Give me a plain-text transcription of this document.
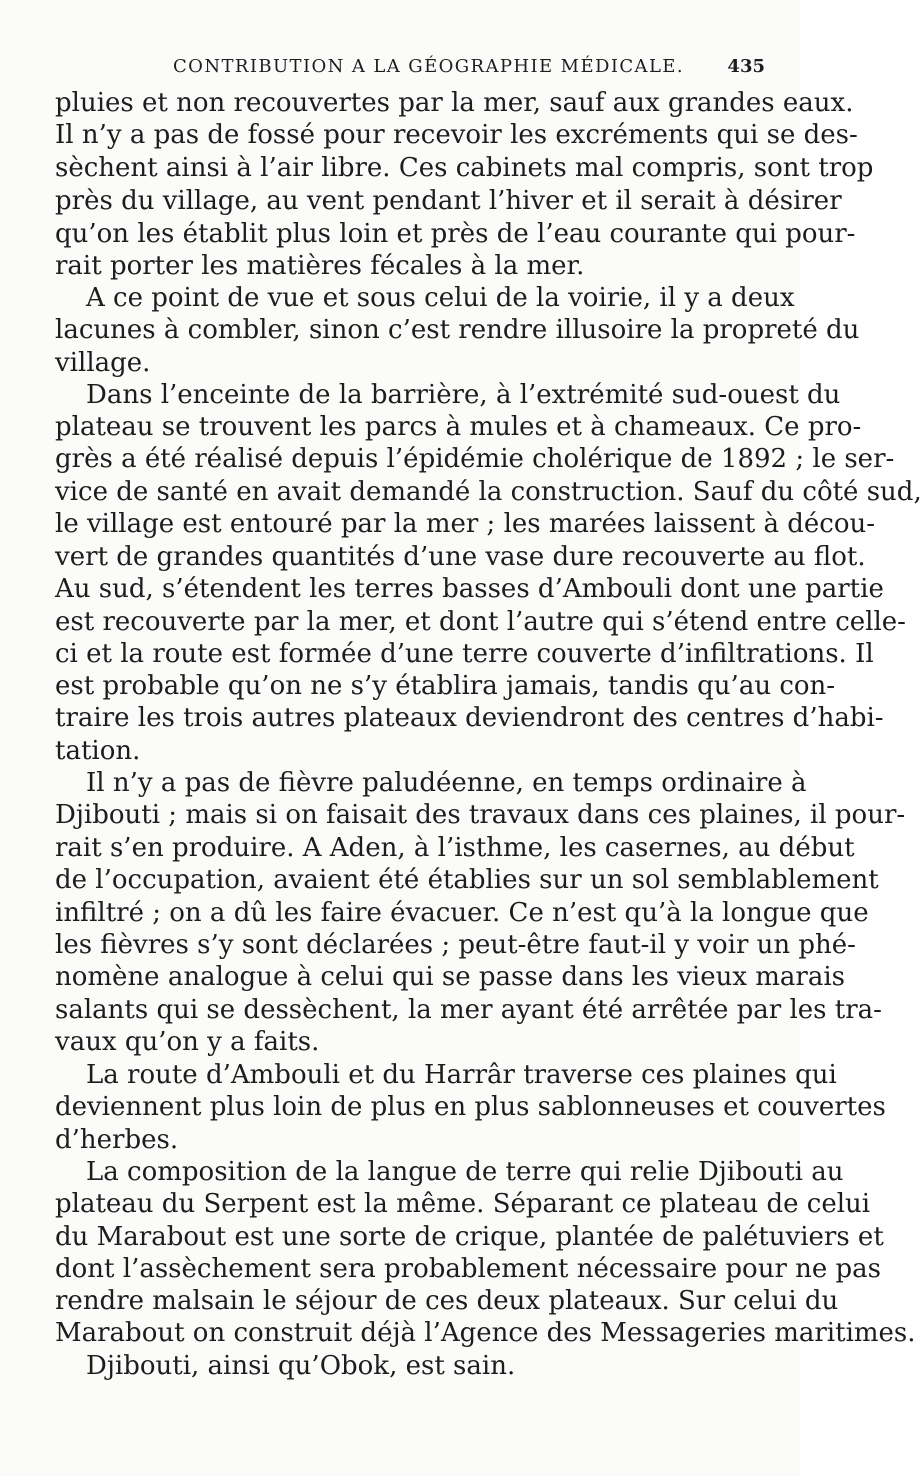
CONTRIBUTION A LA GÉOGRAPHIE MÉDICALE. 435
pluies et non recouvertes par la mer, sauf aux grandes eaux.
Il n’y a pas de fossé pour recevoir les excréments qui se des-
sèchent ainsi à l’air libre. Ces cabinets mal compris, sont trop
près du village, au vent pendant l’hiver et il serait à désirer
qu’on les établit plus loin et près de l’eau courante qui pour-
rait porter les matières fécales à la mer.
A ce point de vue et sous celui de la voirie, il y a deux
lacunes à combler, sinon c’est rendre illusoire la propreté du
village.
Dans l’enceinte de la barrière, à l’extrémité sud-ouest du
plateau se trouvent les parcs à mules et à chameaux. Ce pro-
grès a été réalisé depuis l’épidémie cholérique de 1892 ; le ser-
vice de santé en avait demandé la construction. Sauf du côté sud,
le village est entouré par la mer ; les marées laissent à décou-
vert de grandes quantités d’une vase dure recouverte au flot.
Au sud, s’étendent les terres basses d’Ambouli dont une partie
est recouverte par la mer, et dont l’autre qui s’étend entre celle-
ci et la route est formée d’une terre couverte d’infiltrations. Il
est probable qu’on ne s’y établira jamais, tandis qu’au con-
traire les trois autres plateaux deviendront des centres d’habi-
tation.
Il n’y a pas de fièvre paludéenne, en temps ordinaire à
Djibouti ; mais si on faisait des travaux dans ces plaines, il pour-
rait s’en produire. A Aden, à l’isthme, les casernes, au début
de l’occupation, avaient été établies sur un sol semblablement
infiltré ; on a dû les faire évacuer. Ce n’est qu’à la longue que
les fièvres s’y sont déclarées ; peut-être faut-il y voir un phé-
nomène analogue à celui qui se passe dans les vieux marais
salants qui se dessèchent, la mer ayant été arrêtée par les tra-
vaux qu’on y a faits.
La route d’Ambouli et du Harrâr traverse ces plaines qui
deviennent plus loin de plus en plus sablonneuses et couvertes
d’herbes.
La composition de la langue de terre qui relie Djibouti au
plateau du Serpent est la même. Séparant ce plateau de celui
du Marabout est une sorte de crique, plantée de palétuviers et
dont l’assèchement sera probablement nécessaire pour ne pas
rendre malsain le séjour de ces deux plateaux. Sur celui du
Marabout on construit déjà l’Agence des Messageries maritimes.
Djibouti, ainsi qu’Obok, est sain.
